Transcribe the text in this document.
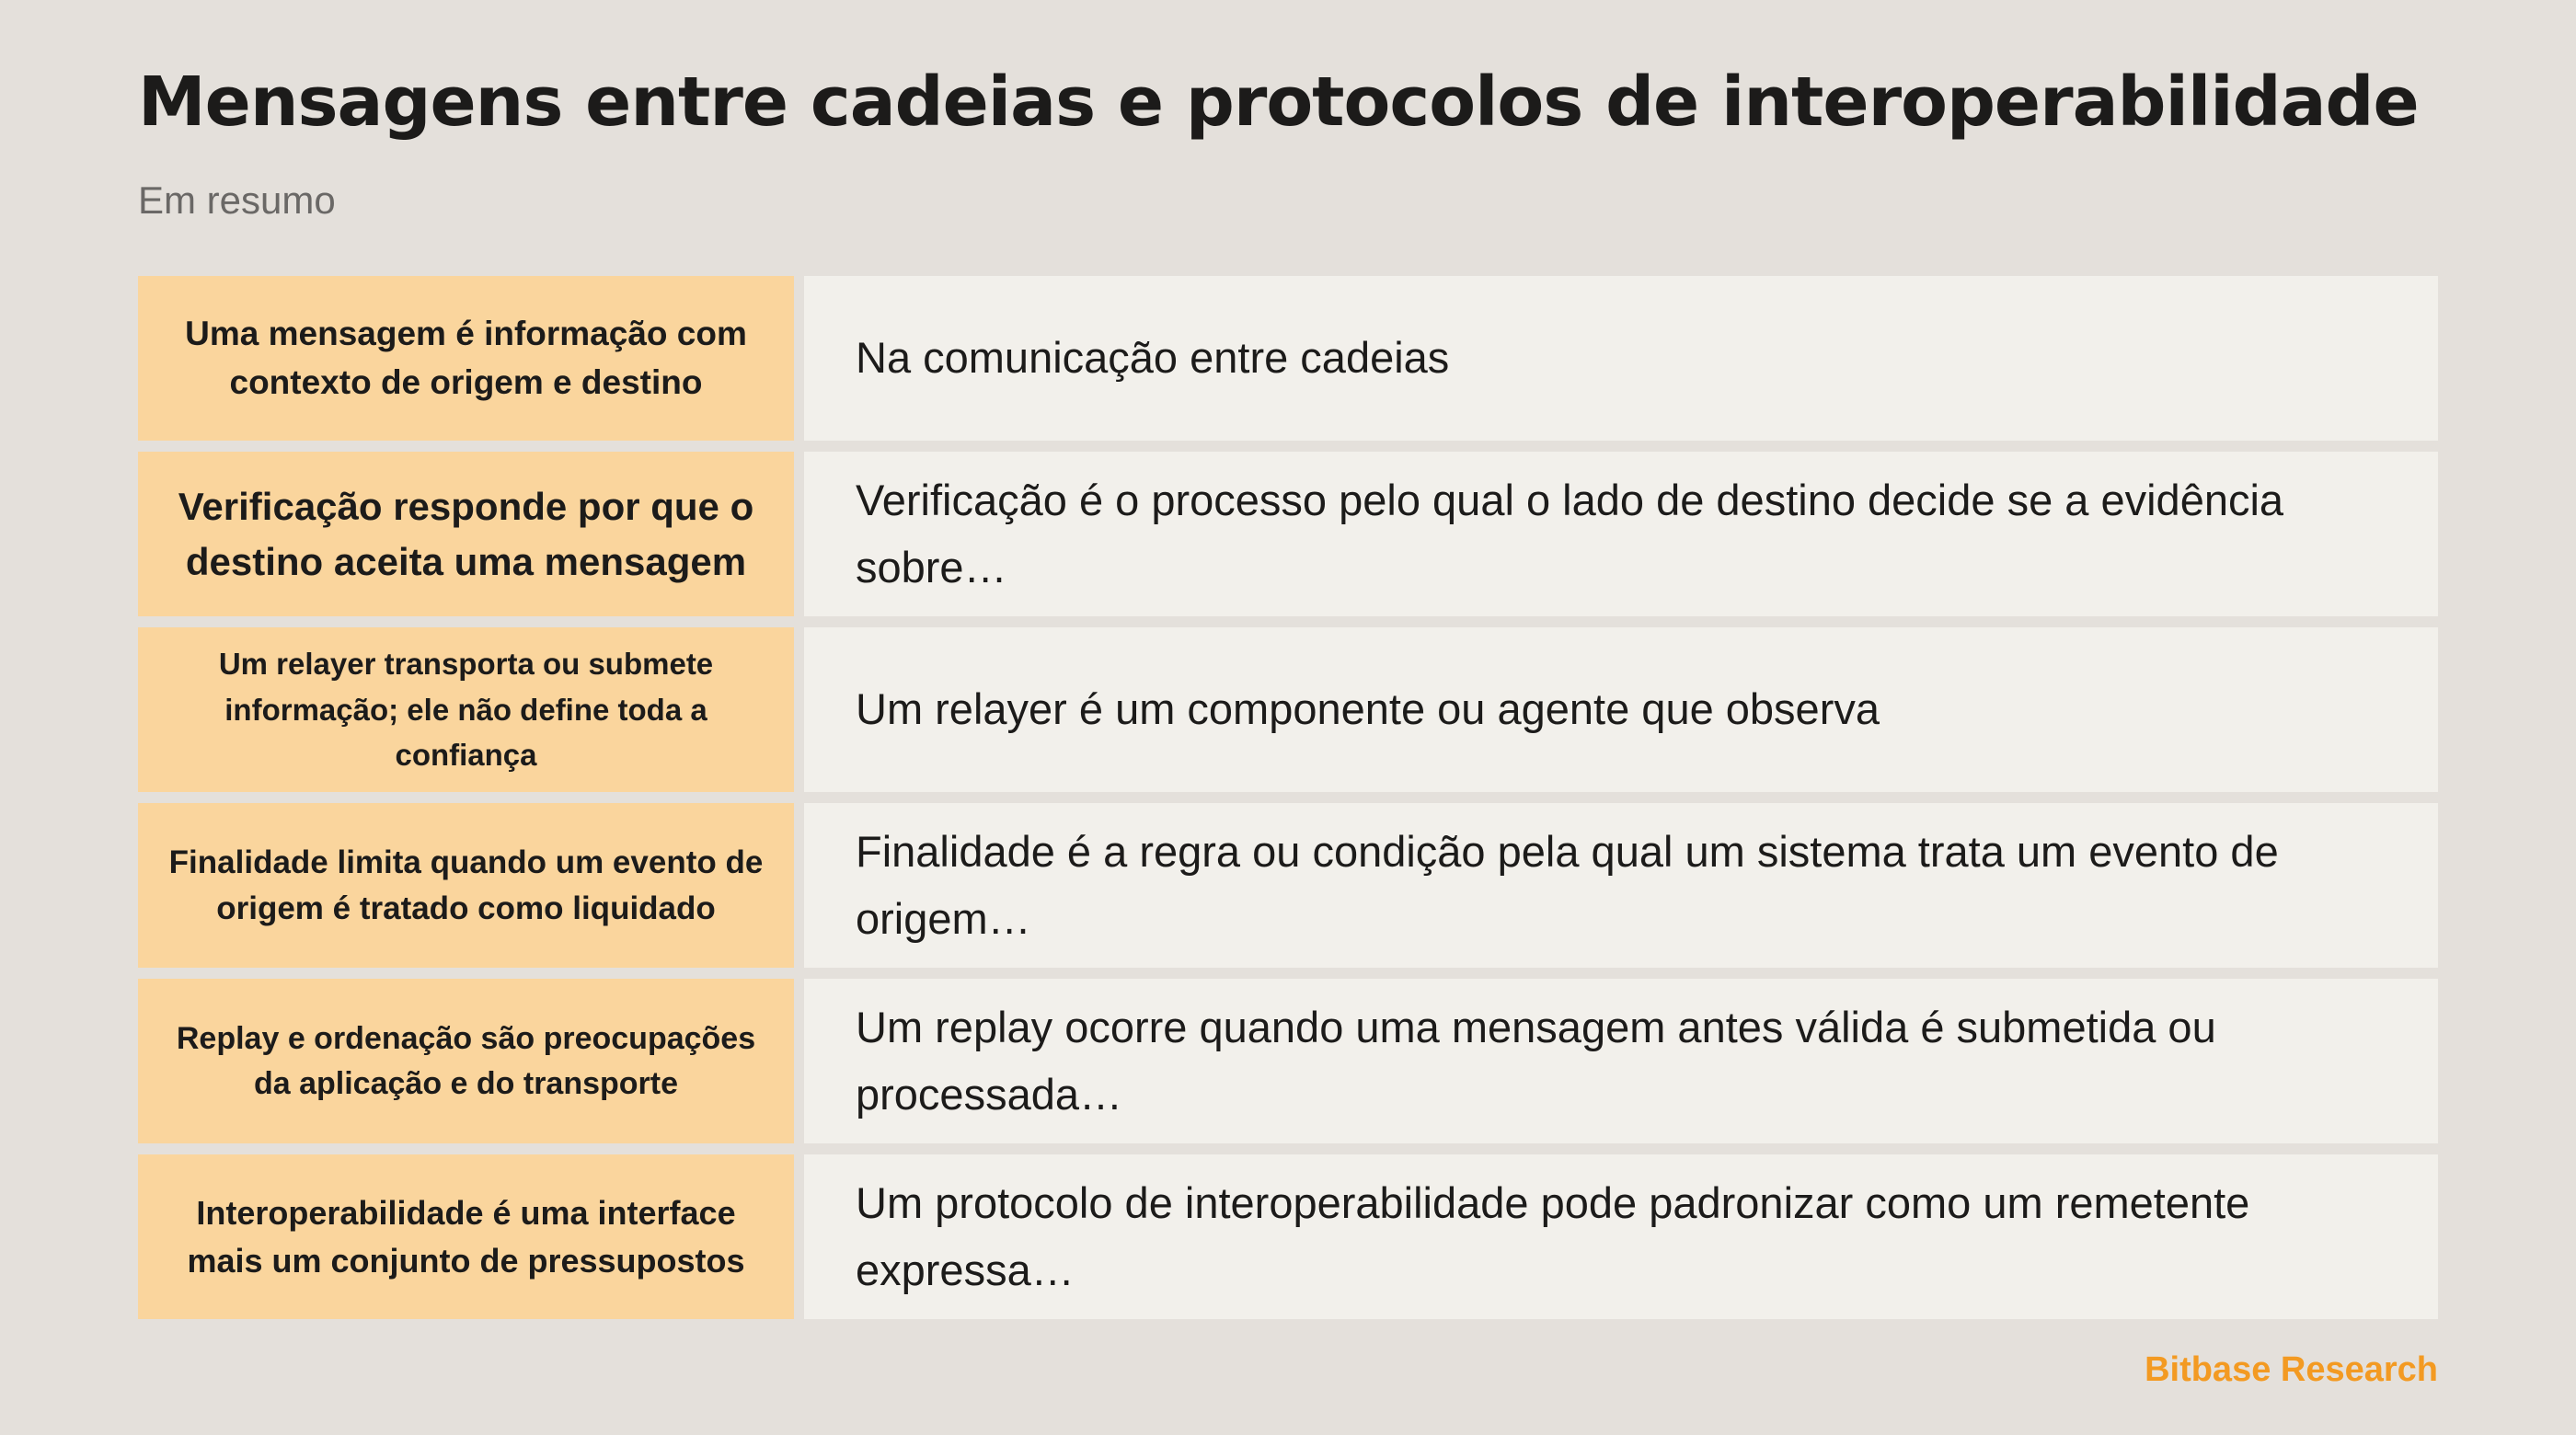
Mensagens entre cadeias e protocolos de interoperabilidade
Em resumo
Uma mensagem é informação com contexto de origem e destino	Na comunicação entre cadeias
Verificação responde por que o destino aceita uma mensagem
Verificação é o processo pelo qual o lado de destino decide se a evidência sobre…
Um relayer transporta ou submete informação; ele não define toda a confiança
Um relayer é um componente ou agente que observa
Finalidade limita quando um evento de origem é tratado como liquidado
Finalidade é a regra ou condição pela qual um sistema trata um evento de origem…
Replay e ordenação são preocupações da aplicação e do transporte
Um replay ocorre quando uma mensagem antes válida é submetida ou processada…
Interoperabilidade é uma interface mais um conjunto de pressupostos
Um protocolo de interoperabilidade pode padronizar como um remetente expressa…
Bitbase Research
